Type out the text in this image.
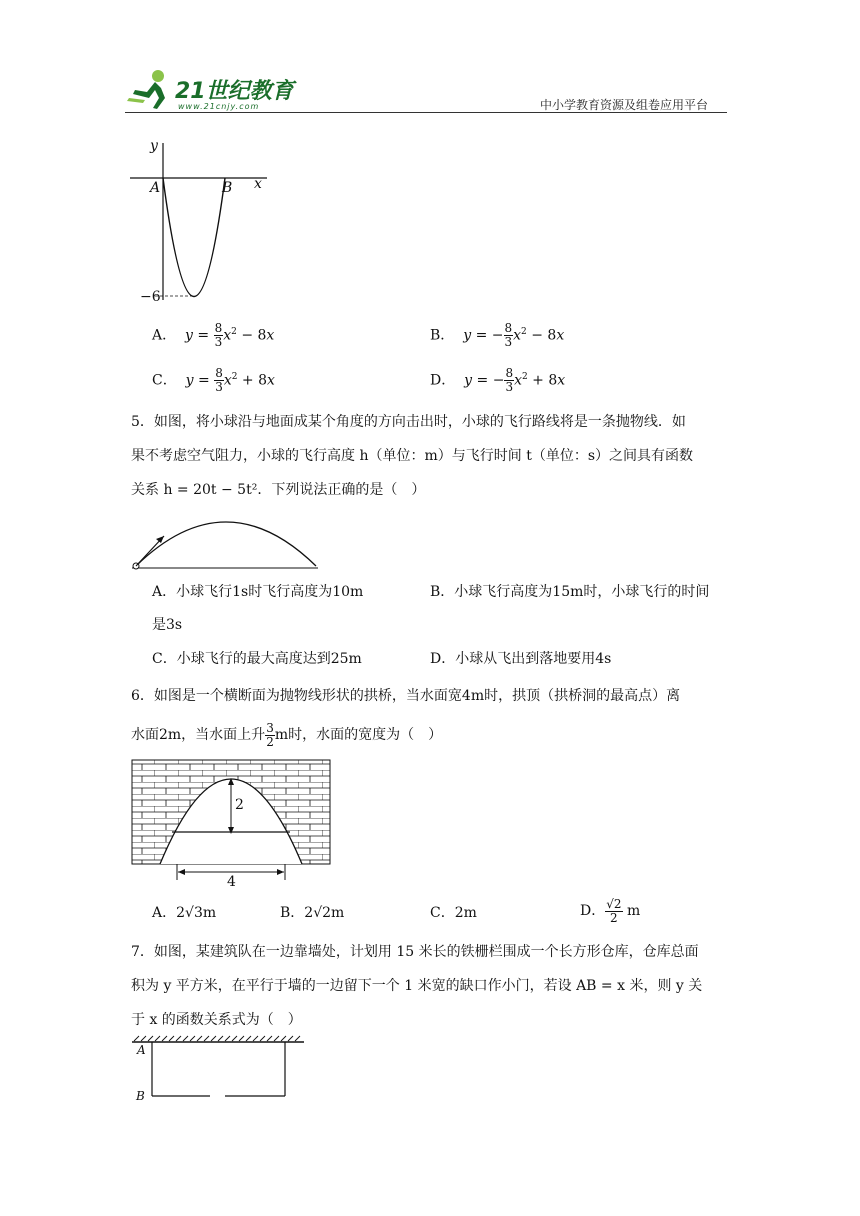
21世纪教育
www.21cnjy.com	中小学教育资源及组卷应用平台
y
x
A	B
−6
A． $y = \frac{8}{3} x^2 - 8x$	B． y = − $\frac{8}{3} x^2 - 8x$
C． $y = \frac{8}{3} x^2 + 8x$	D． y = − $\frac{8}{3} x^2 + 8x$
5．如图，将小球沿与地面成某个角度的方向击出时，小球的飞行路线将是一条抛物线．如
果不考虑空气阻力，小球的飞行高度 h（单位：m）与飞行时间 t（单位：s）之间具有函数
关系 h = 20t − 5t²．下列说法正确的是（　）
A．小球飞行1s时飞行高度为10m	B．小球飞行高度为15m时，小球飞行的时间
是3s
C．小球飞行的最大高度达到25m	D．小球从飞出到落地要用4s
6．如图是一个横断面为抛物线形状的拱桥，当水面宽4m时，拱顶（拱桥洞的最高点）离
水面2m，当水面上升 $\frac{3}{2}$ m时，水面的宽度为（　）
2
4
A．2√3m	B．2√2m	C．2m	D． $\frac{√2}{2}$ m
7．如图，某建筑队在一边靠墙处，计划用 15 米长的铁栅栏围成一个长方形仓库，仓库总面
积为 y 平方米，在平行于墙的一边留下一个 1 米宽的缺口作小门，若设 AB = x 米，则 y 关
于 x 的函数关系式为（　）
A
B
